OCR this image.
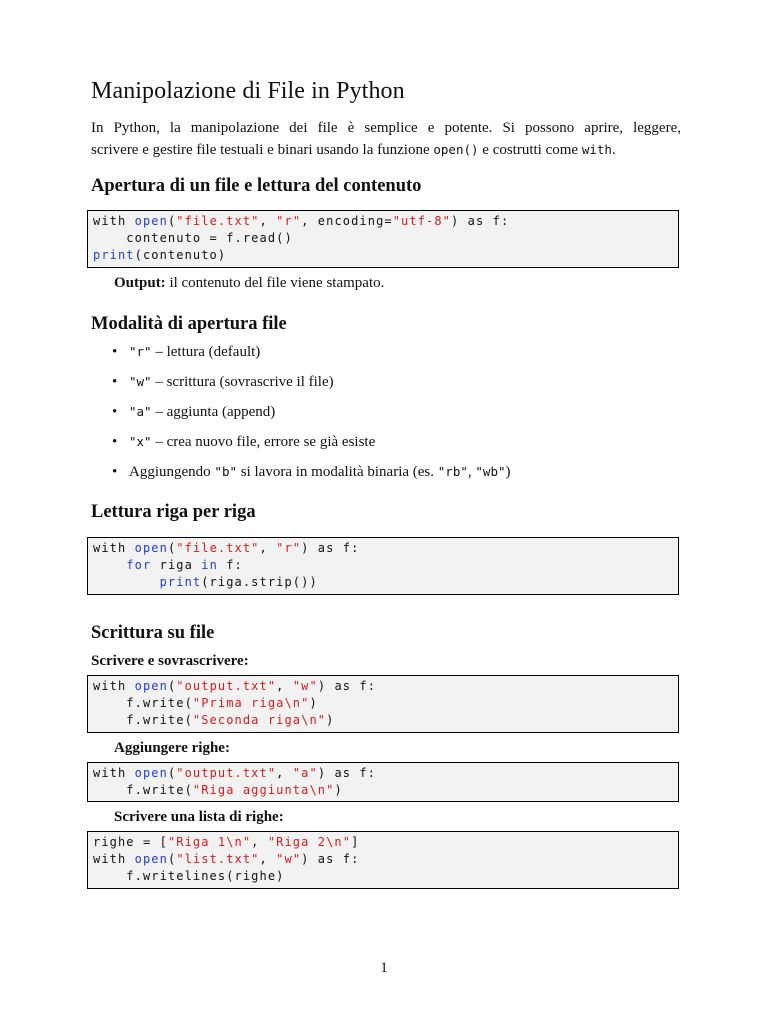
Manipolazione di File in Python

In Python, la manipolazione dei file è semplice e potente. Si possono aprire, leggere,
scrivere e gestire file testuali e binari usando la funzione open() e costrutti come with.

Apertura di un file e lettura del contenuto
with open("file.txt", "r", encoding="utf-8") as f:
contenuto = f.read()
print(contenuto)

Output: il contenuto del file viene stampato.

Modalità di apertura file
• "r" – lettura (default)
• "w" – scrittura (sovrascrive il file)
• "a" – aggiunta (append)
• "x" – crea nuovo file, errore se già esiste
• Aggiungendo "b" si lavora in modalità binaria (es. "rb", "wb")
Lettura riga per riga
with open("file.txt", "r") as f:
for riga in f:
print(riga.strip())
Scrittura su file
Scrivere e sovrascrivere:
with open("output.txt", "w") as f:
f.write("Prima riga\n")
f.write("Seconda riga\n")

Aggiungere righe:

with open("output.txt", "a") as f:
f.write("Riga aggiunta\n")

Scrivere una lista di righe:

righe = ["Riga 1\n", "Riga 2\n"]
with open("list.txt", "w") as f:
f.writelines(righe)

1
